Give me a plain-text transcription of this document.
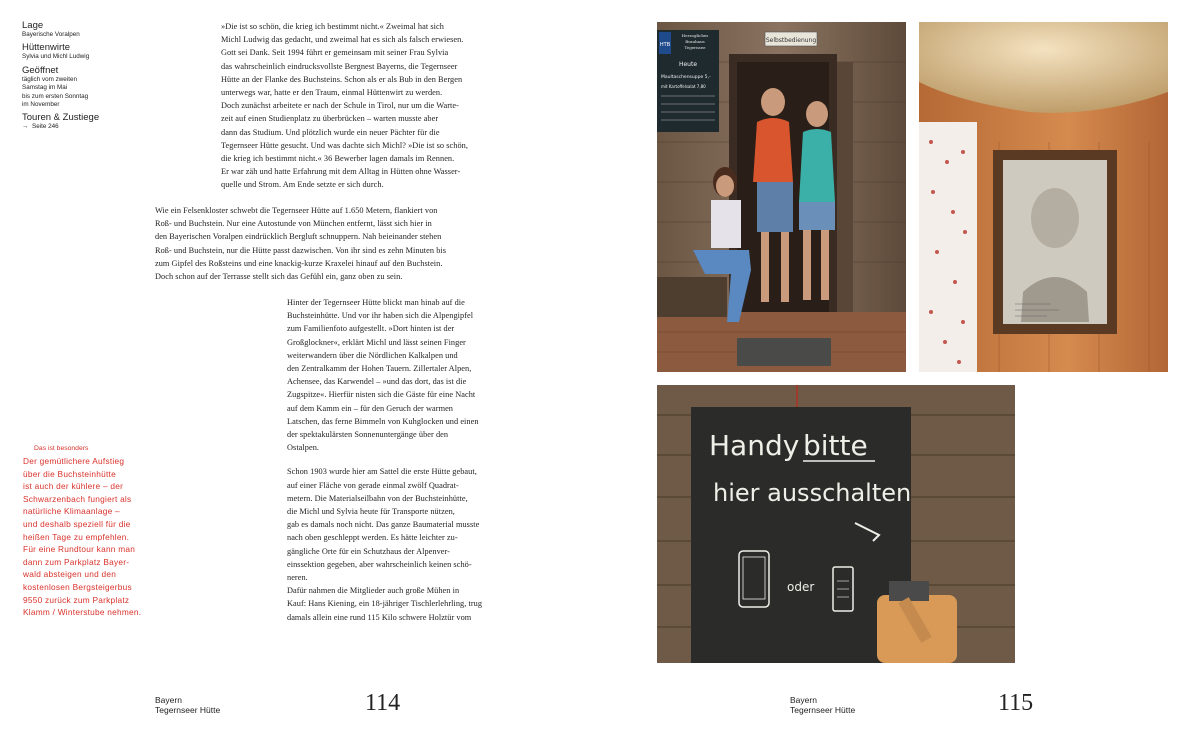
Lage
Bayerische Voralpen
Hüttenwirte
Sylvia und Michl Ludwig
Geöffnet
täglich vom zweiten
Samstag im Mai
bis zum ersten Sonntag
im November
Touren & Zustiege
→ Seite 246

»Die ist so schön, die krieg ich bestimmt nicht.« Zweimal hat sich

Michl Ludwig das gedacht, und zweimal hat es sich als falsch erwiesen.

Gott sei Dank. Seit 1994 führt er gemeinsam mit seiner Frau Sylvia

das wahrscheinlich eindrucksvollste Bergnest Bayerns, die Tegernseer

Hütte an der Flanke des Buchsteins. Schon als er als Bub in den Bergen

unterwegs war, hatte er den Traum, einmal Hüttenwirt zu werden.

Doch zunächst arbeitete er nach der Schule in Tirol, nur um die Warte-

zeit auf einen Studienplatz zu überbrücken – warten musste aber

dann das Studium. Und plötzlich wurde ein neuer Pächter für die

Tegernseer Hütte gesucht. Und was dachte sich Michl? »Die ist so schön,

die krieg ich bestimmt nicht.« 36 Bewerber lagen damals im Rennen.

Er war zäh und hatte Erfahrung mit dem Alltag in Hütten ohne Wasser-

quelle und Strom. Am Ende setzte er sich durch.

Wie ein Felsenkloster schwebt die Tegernseer Hütte auf 1.650 Metern, flankiert von

Roß- und Buchstein. Nur eine Autostunde von München entfernt, lässt sich hier in

den Bayerischen Voralpen eindrücklich Bergluft schnuppern. Nah beieinander stehen

Roß- und Buchstein, nur die Hütte passt dazwischen. Von ihr sind es zehn Minuten bis

zum Gipfel des Roßsteins und eine knackig-kurze Kraxelei hinauf auf den Buchstein.

Doch schon auf der Terrasse stellt sich das Gefühl ein, ganz oben zu sein.

Hinter der Tegernseer Hütte blickt man hinab auf die

Buchsteinhütte. Und vor ihr haben sich die Alpengipfel

zum Familienfoto aufgestellt. »Dort hinten ist der

Großglockner«, erklärt Michl und lässt seinen Finger

weiterwandern über die Nördlichen Kalkalpen und

den Zentralkamm der Hohen Tauern. Zillertaler Alpen,

Achensee, das Karwendel – »und das dort, das ist die

Zugspitze«. Hierfür nisten sich die Gäste für eine Nacht

auf dem Kamm ein – für den Geruch der warmen

Latschen, das ferne Bimmeln von Kuhglocken und einen

der spektakulärsten Sonnenuntergänge über den

Ostalpen.

Schon 1903 wurde hier am Sattel die erste Hütte gebaut,

auf einer Fläche von gerade einmal zwölf Quadrat-

metern. Die Materialseilbahn von der Buchsteinhütte,

die Michl und Sylvia heute für Transporte nützen,

gab es damals noch nicht. Das ganze Baumaterial musste

nach oben geschleppt werden. Es hätte leichter zu-

gängliche Orte für ein Schutzhaus der Alpenver-

einssektion gegeben, aber wahrscheinlich keinen schö-

neren.

Dafür nahmen die Mitglieder auch große Mühen in

Kauf: Hans Kiening, ein 18-jähriger Tischlerlehrling, trug

damals allein eine rund 115 Kilo schwere Holztür vom

Das ist besonders
Der gemütlichere Aufstieg
über die Buchsteinhütte
ist auch der kühlere – der
Schwarzenbach fungiert als
natürliche Klimaanlage –
und deshalb speziell für die
heißen Tage zu empfehlen.
Für eine Rundtour kann man
dann zum Parkplatz Bayer-
wald absteigen und den
kostenlosen Bergsteigerbus
9550 zurück zum Parkplatz
Klamm / Winterstube nehmen.
Bayern
Tegernseer Hütte	114
Selbstbedienung
HTB
Herzogliches
Brauhaus
Tegernsee
Heute
Maultaschensuppe 5,-
mit Kartoffelsalat 7,80
Handy bitte
hier ausschalten
oder
Bayern
Tegernseer Hütte	115
